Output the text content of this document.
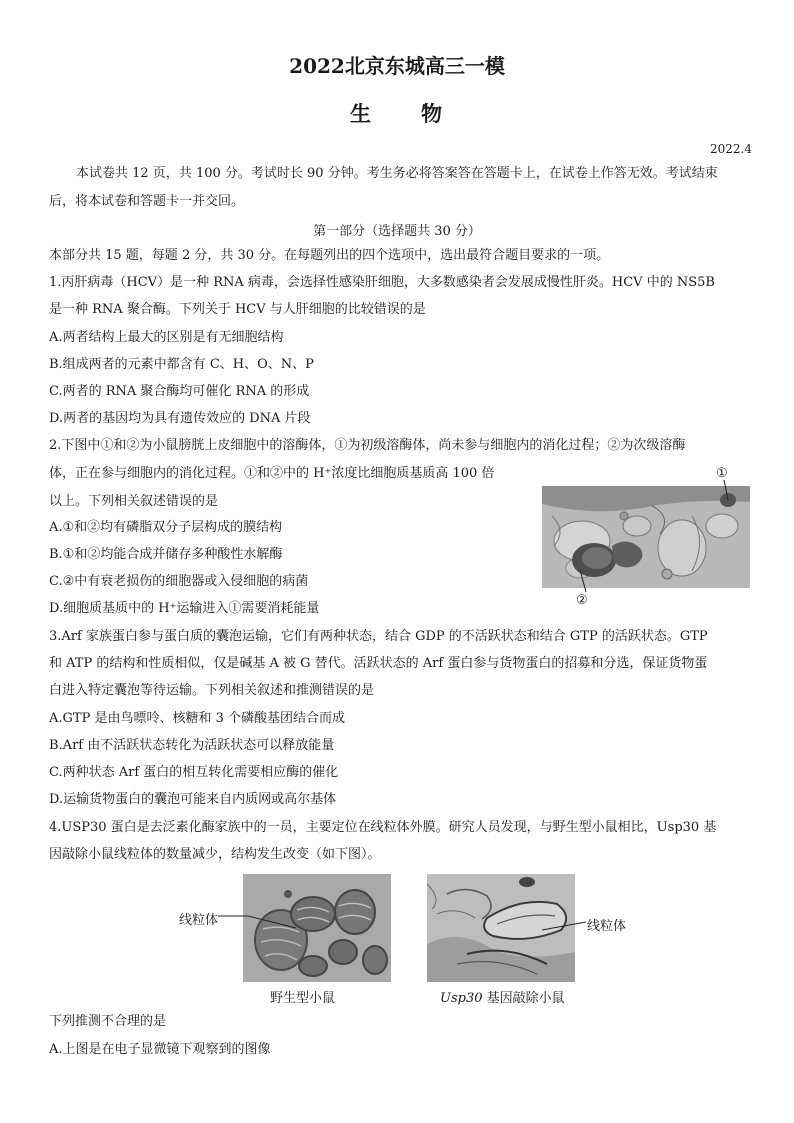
2022北京东城高三一模
生 物
2022.4
本试卷共 12 页，共 100 分。考试时长 90 分钟。考生务必将答案答在答题卡上，在试卷上作答无效。考试结束
后，将本试卷和答题卡一并交回。
第一部分（选择题共 30 分）
本部分共 15 题，每题 2 分，共 30 分。在每题列出的四个选项中，选出最符合题目要求的一项。
1.丙肝病毒（HCV）是一种 RNA 病毒，会选择性感染肝细胞，大多数感染者会发展成慢性肝炎。HCV 中的 NS5B
是一种 RNA 聚合酶。下列关于 HCV 与人肝细胞的比较错误的是
A.两者结构上最大的区别是有无细胞结构
B.组成两者的元素中都含有 C、H、O、N、P
C.两者的 RNA 聚合酶均可催化 RNA 的形成
D.两者的基因均为具有遗传效应的 DNA 片段
2.下图中①和②为小鼠膀胱上皮细胞中的溶酶体，①为初级溶酶体，尚未参与细胞内的消化过程；②为次级溶酶
体，正在参与细胞内的消化过程。①和②中的 H⁺浓度比细胞质基质高 100 倍
以上。下列相关叙述错误的是
A.①和②均有磷脂双分子层构成的膜结构
B.①和②均能合成并储存多种酸性水解酶
C.②中有衰老损伤的细胞器或入侵细胞的病菌
D.细胞质基质中的 H⁺运输进入①需要消耗能量
①
②
3.Arf 家族蛋白参与蛋白质的囊泡运输，它们有两种状态，结合 GDP 的不活跃状态和结合 GTP 的活跃状态。GTP
和 ATP 的结构和性质相似，仅是碱基 A 被 G 替代。活跃状态的 Arf 蛋白参与货物蛋白的招募和分选，保证货物蛋
白进入特定囊泡等待运输。下列相关叙述和推测错误的是
A.GTP 是由鸟嘌呤、核糖和 3 个磷酸基团结合而成
B.Arf 由不活跃状态转化为活跃状态可以释放能量
C.两种状态 Arf 蛋白的相互转化需要相应酶的催化
D.运输货物蛋白的囊泡可能来自内质网或高尔基体
4.USP30 蛋白是去泛素化酶家族中的一员，主要定位在线粒体外膜。研究人员发现，与野生型小鼠相比，Usp30 基
因敲除小鼠线粒体的数量减少，结构发生改变（如下图）。
线粒体
野生型小鼠
线粒体
Usp30 基因敲除小鼠
下列推测不合理的是
A.上图是在电子显微镜下观察到的图像
